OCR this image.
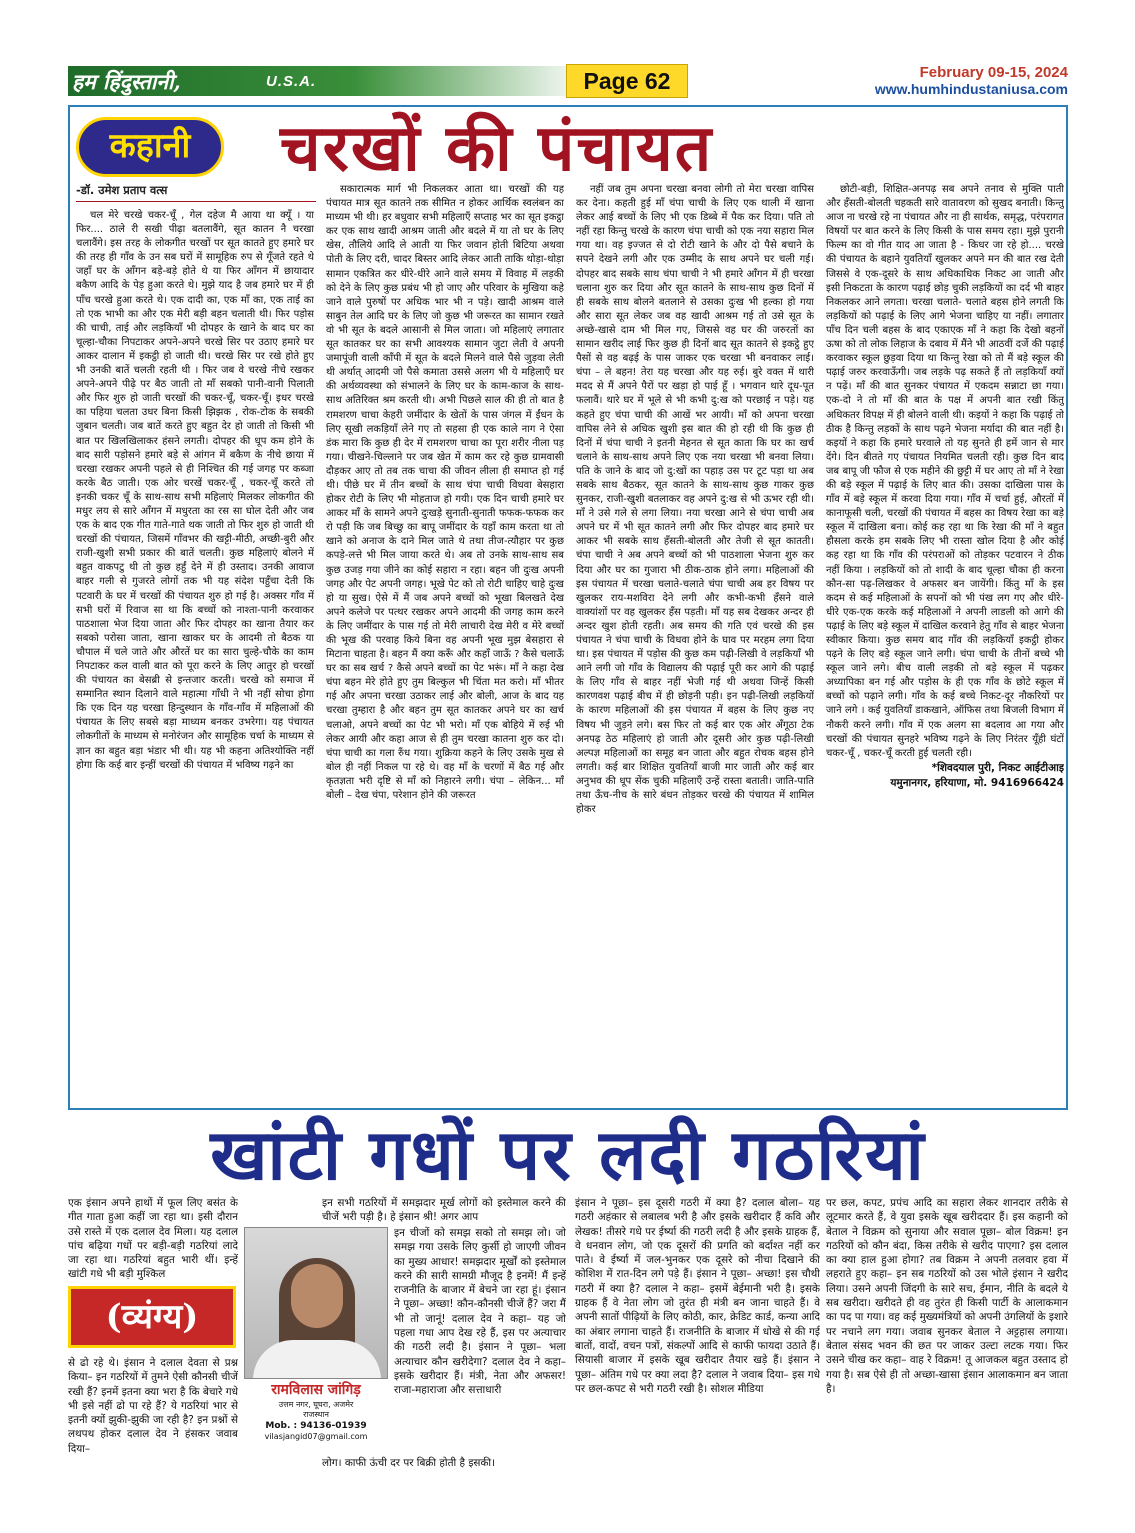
हम हिंदुस्तानी,	U.S.A.	Page 62	February 09-15, 2024
www.humhindustaniusa.com
कहानी	चरखों की पंचायत
-डॉ. उमेश प्रताप वत्स

चल मेरे चरखे चकर-चूँ , गेल दहेज मै आया था क्यूँ । या फिर.... ठाले री सखी पीढ़ा बतलावैंगे, सूत कातन नै चरखा चलावैंगे। इस तरह के लोकगीत चरखों पर सूत कातते हुए हमारे घर की तरह ही गाँव के उन सब घरों में सामूहिक रुप से गूँजते रहते थे जहाँ घर के आँगन बड़े-बड़े होते थे या फिर आँगन में छायादार बकैण आदि के पेड़ हुआ करते थे। मुझे याद है जब हमारे घर में ही पाँच चरखे हुआ करते थे। एक दादी का, एक माँ का, एक ताई का तो एक भाभी का और एक मेरी बड़ी बहन चलाती थी। फिर पड़ोस की चाची, ताई और लड़कियाँ भी दोपहर के खाने के बाद घर का चूल्हा-चौका निपटाकर अपने-अपने चरखे सिर पर उठाए हमारे घर आकर दालान में इकट्ठी हो जाती थी। चरखे सिर पर रखे होते हुए भी उनकी बातें चलती रहती थी । फिर जब वे चरखे नीचे रखकर अपने-अपने पीढ़े पर बैठ जाती तो माँ सबको पानी-वानी पिलाती और फिर शुरु हो जाती चरखों की चकर-चूँ, चकर-चूँ। इधर चरखे का पहिया चलता उधर बिना किसी झिझक , रोक-टोक के सबकी जुबान चलती। जब बातें करते हुए बहुत देर हो जाती तो किसी भी बात पर खिलखिलाकर हंसने लगती। दोपहर की धूप कम होने के बाद सारी पड़ोसने हमारे बड़े से आंगन में बकैण के नीचे छाया में चरखा रखकर अपनी पहले से ही निश्चित की गई जगह पर कब्जा करके बैठ जाती। एक ओर चरखें चकर-चूँ , चकर-चूँ करते तो इनकी चकर चूँ के साथ-साथ सभी महिलाएं मिलकर लोकगीत की मधुर लय से सारे आँगन में मधुरता का रस सा घोल देती और जब एक के बाद एक गीत गाते-गाते थक जाती तो फिर शुरु हो जाती थी चरखों की पंचायत, जिसमें गाँवभर की खट्टी-मीठी, अच्छी-बुरी और राजी-खुशी सभी प्रकार की बातें चलती। कुछ महिलाएं बोलने में बहुत वाकपटु थी तो कुछ हर्हुं देने में ही उस्ताद। उनकी आवाज बाहर गली से गुजरते लोगों तक भी यह संदेश पहुँचा देती कि पटवारी के घर में चरखों की पंचायत शुरु हो गई है। अक्सर गाँव में सभी घरों में रिवाज सा था कि बच्चों को नाश्ता-पानी करवाकर पाठशाला भेज दिया जाता और फिर दोपहर का खाना तैयार कर सबको परोसा जाता, खाना खाकर घर के आदमी तो बैठक या चौपाल में चले जाते और औरतें घर का सारा चुल्हे-चौके का काम निपटाकर कल वाली बात को पूरा करने के लिए आतुर हो चरखों की पंचायत का बेसब्री से इन्तजार करती। चरखे को समाज में सम्मानित स्थान दिलाने वाले महात्मा गाँधी ने भी नहीं सोचा होगा कि एक दिन यह चरखा हिन्दुस्थान के गाँव-गाँव में महिलाओं की पंचायत के लिए सबसे बड़ा माध्यम बनकर उभरेगा। यह पंचायत लोकगीतों के माध्यम से मनोरंजन और सामूहिक चर्चा के माध्यम से ज्ञान का बहुत बड़ा भंडार भी थी। यह भी कहना अतिश्योक्ति नहीं होगा कि कई बार इन्हीं चरखों की पंचायत में भविष्य गढ़ने का

सकारात्मक मार्ग भी निकलकर आता था। चरखों की यह पंचायत मात्र सूत कातने तक सीमित न होकर आर्थिक स्वलंबन का माध्यम भी थी। हर बधुवार सभी महिलाएँ सप्ताह भर का सूत इकट्ठा कर एक साथ खादी आश्रम जाती और बदले में या तो घर के लिए खेस, तौलिये आदि ले आती या फिर जवान होती बिटिया अथवा पोती के लिए दरी, चादर बिस्तर आदि लेकर आती ताकि थोड़ा-थोड़ा सामान एकत्रित कर धीरे-धीरे आने वाले समय में विवाह में लड़की को देने के लिए कुछ प्रबंध भी हो जाए और परिवार के मुखिया कहे जाने वाले पुरुषों पर अधिक भार भी न पड़े। खादी आश्रम वाले साबुन तेल आदि घर के लिए जो कुछ भी जरूरत का सामान रखते वो भी सूत के बदले आसानी से मिल जाता। जो महिलाएं लगातार सूत कातकर घर का सभी आवश्यक सामान जुटा लेती वे अपनी जमापूंजी वाली काँपी में सूत के बदले मिलने वाले पैसे जुड़वा लेती थी अर्थात् आदमी जो पैसे कमाता उससे अलग भी ये महिलाएँ घर की अर्थव्यवस्था को संभालने के लिए घर के काम-काज के साथ-साथ अतिरिक्त श्रम करती थी। अभी पिछले साल की ही तो बात है रामशरण चाचा केहरी जमींदार के खेतों के पास जंगल में ईंधन के लिए सूखी लकड़ियाँ लेने गए तो सहसा ही एक काले नाग ने ऐसा डंक मारा कि कुछ ही देर में रामशरण चाचा का पूरा शरीर नीला पड़ गया। चीखने-चिल्लाने पर जब खेत में काम कर रहे कुछ ग्रामवासी दौड़कर आए तो तब तक चाचा की जीवन लीला ही समाप्त हो गई थी। पीछे घर में तीन बच्चों के साथ चंपा चाची विधवा बेसहारा होकर रोटी के लिए भी मोहताज हो गयी। एक दिन चाची हमारे घर आकर माँ के सामने अपने दुःखड़े सुनाती-सुनाती फफक-फफक कर रो पड़ी कि जब बिच्छु का बापू जमींदार के यहाँ काम करता था तो खाने को अनाज के दाने मिल जाते थे तथा तीज-त्यौहार पर कुछ कपड़े-लत्ते भी मिल जाया करते थे। अब तो उनके साथ-साथ सब कुछ उजड़ गया जीने का कोई सहारा न रहा। बहन जी दुःख अपनी जगह और पेट अपनी जगह। भूखे पेट को तो रोटी चाहिए चाहे दुःख हो या सुख। ऐसे में मैं जब अपने बच्चों को भूखा बिलखते देख अपने कलेजे पर पत्थर रखकर अपने आदमी की जगह काम करने के लिए जमींदार के पास गई तो मेरी लाचारी देख मेरी व मेरे बच्चों की भूख की परवाह किये बिना वह अपनी भूख मुझ बेसहारा से मिटाना चाहता है। बहन मैं क्या करूँ और कहाँ जाऊँ ? कैसे चलाऊँ घर का सब खर्च ? कैसे अपने बच्चों का पेट भरूं। माँ ने कहा देख चंपा बहन मेरे होते हुए तुम बिल्कुल भी चिंता मत करो। माँ भीतर गई और अपना चरखा उठाकर लाई और बोली, आज के बाद यह चरखा तुम्हारा है और बहन तुम सूत कातकर अपने घर का खर्च चलाओ, अपने बच्चों का पेट भी भरो। माँ एक बोहिये में रुई भी लेकर आयी और कहा आज से ही तुम चरखा कातना शुरु कर दो। चंपा चाची का गला रुँध गया। शुक्रिया कहने के लिए उसके मुख से बोल ही नहीं निकल पा रहे थे। वह माँ के चरणों में बैठ गई और कृतज्ञता भरी दृष्टि से माँ को निहारने लगी। चंपा – लेकिन... माँ बोली – देख चंपा, परेशान होने की जरूरत

नहीं जब तुम अपना चरखा बनवा लोगी तो मेरा चरखा वापिस कर देना। कहती हुई माँ चंपा चाची के लिए एक थाली में खाना लेकर आई बच्चों के लिए भी एक डिब्बे में पैक कर दिया। पति तो नहीं रहा किन्तु चरखे के कारण चंपा चाची को एक नया सहारा मिल गया था। वह इज्जत से दो रोटी खाने के और दो पैसे बचाने के सपने देखने लगी और एक उम्मीद के साथ अपने घर चली गई। दोपहर बाद सबके साथ चंपा चाची ने भी हमारे आँगन में ही चरखा चलाना शुरु कर दिया और सूत कातने के साथ-साथ कुछ दिनों में ही सबके साथ बोलने बतलाने से उसका दुःख भी हल्का हो गया और सारा सूत लेकर जब वह खादी आश्रम गई तो उसे सूत के अच्छे-खासे दाम भी मिल गए, जिससे वह घर की जरुरतों का सामान खरीद लाई फिर कुछ ही दिनों बाद सूत कातने से इकट्ठे हुए पैसों से वह बढ़ई के पास जाकर एक चरखा भी बनवाकर लाई। चंपा – ले बहन! तेरा यह चरखा और यह रुई। बुरे वक्त में थारी मदद से मैं अपने पैरों पर खड़ा हो पाई हूँ । भगवान थारे दूध-पूत फलावैं। थारे घर में भूले से भी कभी दु:ख को परछाई न पड़े। यह कहते हुए चंपा चाची की आखें भर आयी। माँ को अपना चरखा वापिस लेने से अधिक खुशी इस बात की हो रही थी कि कुछ ही दिनों में चंपा चाची ने इतनी मेहनत से सूत काता कि घर का खर्च चलाने के साथ-साथ अपने लिए एक नया चरखा भी बनवा लिया। पति के जाने के बाद जो दु:खों का पहाड़ उस पर टूट पड़ा था अब सबके साथ बैठकर, सूत कातने के साथ-साथ कुछ गाकर कुछ सुनकर, राजी-खुशी बतलाकर वह अपने दु:ख से भी ऊभर रही थी। माँ ने उसे गले से लगा लिया। नया चरखा आने से चंपा चाची अब अपने घर में भी सूत कातने लगी और फिर दोपहर बाद हमारे घर आकर भी सबके साथ हँसती-बोलती और तेजी से सूत कातती। चंपा चाची ने अब अपने बच्चों को भी पाठशाला भेजना शुरु कर दिया और घर का गुजारा भी ठीक-ठाक होने लगा। महिलाओं की इस पंचायत में चरखा चलाते-चलाते चंपा चाची अब हर विषय पर खुलकर राय-मशविरा देने लगी और कभी-कभी हँसने वाले वाक्यांशों पर वह खुलकर हँस पड़ती। माँ यह सब देखकर अन्दर ही अन्दर खुश होती रहती। अब समय की गति एवं चरखे की इस पंचायत ने चंपा चाची के विधवा होने के घाव पर मरहम लगा दिया था। इस पंचायत में पड़ोस की कुछ कम पढ़ी-लिखी वे लड़कियाँ भी आने लगी जो गाँव के विद्यालय की पढ़ाई पूरी कर आगे की पढ़ाई के लिए गाँव से बाहर नहीं भेजी गई थी अथवा जिन्हें किसी कारणवश पढ़ाई बीच में ही छोड़नी पड़ी। इन पढ़ी-लिखी लड़कियों के कारण महिलाओं की इस पंचायत में बहस के लिए कुछ नए विषय भी जुड़ने लगे। बस फिर तो कई बार एक ओर अँगूठा टेक अनपढ़ ठेठ महिलाएं हो जाती और दूसरी ओर कुछ पढ़ी-लिखी अल्पज्ञ महिलाओं का समूह बन जाता और बहुत रोचक बहस होने लगती। कई बार शिक्षित युवतियाँ बाजी मार जाती और कई बार अनुभव की धूप सेंक चुकी महिलाएँ उन्हें रास्ता बताती। जाति-पाति तथा ऊँच-नीच के सारे बंधन तोड़कर चरखे की पंचायत में शामिल होकर

छोटी-बड़ी, शिक्षित-अनपढ़ सब अपने तनाव से मुक्ति पाती और हँसती-बोलती चहकती सारे वातावरण को सुखद बनाती। किन्तु आज ना चरखे रहे ना पंचायत और ना ही सार्थक, समृद्ध, परंपरागत विषयों पर बात करने के लिए किसी के पास समय रहा। मुझे पुरानी फिल्म का वो गीत याद आ जाता है - किधर जा रहे हो.... चरखे की पंचायत के बहाने युवतियाँ खुलकर अपने मन की बात रख देती जिससे वे एक-दूसरे के साथ अधिकाधिक निकट आ जाती और इसी निकटता के कारण पढ़ाई छोड़ चुकी लड़कियों का दर्द भी बाहर निकलकर आने लगता। चरखा चलाते- चलाते बहस होने लगती कि लड़कियों को पढ़ाई के लिए आगे भेजना चाहिए या नहीं। लगातार पाँच दिन चली बहस के बाद एकाएक माँ ने कहा कि देखो बहनों ऊषा को तो लोक लिहाज के दबाव में मैंने भी आठवीं दर्जे की पढ़ाई करवाकर स्कूल छुड़वा दिया था किन्तु रेखा को तो मैं बड़े स्कूल की पढ़ाई जरुर करवाऊँगी। जब लड़के पढ़ सकते हैं तो लड़कियाँ क्यों न पढ़ें। माँ की बात सुनकर पंचायत में एकदम सन्नाटा छा गया। एक-दो ने तो माँ की बात के पक्ष में अपनी बात रखी किंतु अधिकतर विपक्ष में ही बोलने वाली थी। कइयों ने कहा कि पढ़ाई तो ठीक है किन्तु लड़कों के साथ पढ़ने भेजना मर्यादा की बात नहीं है। कइयों ने कहा कि हमारे घरवाले तो यह सुनते ही हमें जान से मार देंगे। दिन बीतते गए पंचायत नियमित चलती रही। कुछ दिन बाद जब बापू जी फौज से एक महीने की छुट्टी में घर आए तो माँ ने रेखा की बड़े स्कूल में पढ़ाई के लिए बात की। उसका दाखिला पास के गाँव में बड़े स्कूल में करवा दिया गया। गाँव में चर्चा हुई, औरतों में कानाफूसी चली, चरखों की पंचायत में बहस का विषय रेखा का बड़े स्कूल में दाखिला बना। कोई कह रहा था कि रेखा की माँ ने बहुत हौसला करके हम सबके लिए भी रास्ता खोल दिया है और कोई कह रहा था कि गाँव की परंपराओं को तोड़कर पटवारन ने ठीक नहीं किया । लड़कियों को तो शादी के बाद चूल्हा चौका ही करना कौन-सा पढ़-लिखकर वे अफसर बन जायेंगी। किंतु माँ के इस कदम से कई महिलाओं के सपनों को भी पंख लग गए और धीरे-धीरे एक-एक करके कई महिलाओं ने अपनी लाडली को आगे की पढ़ाई के लिए बड़े स्कूल में दाखिल करवाने हेतु गाँव से बाहर भेजना स्वीकार किया। कुछ समय बाद गाँव की लड़कियाँ इकट्ठी होकर पढ़ने के लिए बड़े स्कूल जाने लगी। चंपा चाची के तीनों बच्चे भी स्कूल जाने लगे। बीच वाली लड़की तो बड़े स्कूल में पढ़कर अध्यापिका बन गई और पड़ोस के ही एक गाँव के छोटे स्कूल में बच्चों को पढ़ाने लगी। गाँव के कई बच्चे निकट-दूर नौकरियों पर जाने लगे । कई युवतियाँ डाकखाने, ऑफिस तथा बिजली विभाग में नौकरी करने लगी। गाँव में एक अलग सा बदलाव आ गया और चरखों की पंचायत सुनहरे भविष्य गढ़ने के लिए निरंतर यूँही घंटों चकर-चूँ , चकर-चूँ करती हुई चलती रही।

*शिवदयाल पुरी, निकट आईटीआइ
यमुनानगर, हरियाणा, मो. 9416966424
खांटी गधों पर लदी गठरियां
एक इंसान अपने हाथों में फूल लिए बसंत के गीत गाता हुआ कहीं जा रहा था। इसी दौरान उसे रास्ते में एक दलाल देव मिला। यह दलाल पांच बढ़िया गधों पर बड़ी-बड़ी गठरियां लादे जा रहा था। गठरियां बहुत भारी थीं। इन्हें खांटी गधे भी बड़ी मुश्किल
(व्यंग्य)
से ढो रहे थे। इंसान ने दलाल देवता से प्रश्न किया– इन गठरियों में तुमने ऐसी कौनसी चीजें रखी हैं? इनमें इतना क्या भरा है कि बेचारे गधे भी इसे नहीं ढो पा रहे हैं? ये गठरियां भार से इतनी क्यों झुकी-झुकी जा रही है? इन प्रश्नों से लथपथ होकर दलाल देव ने हंसकर जवाब दिया–
रामविलास जांगिड़
उत्तम नगर, घूघरा, अजमेर
राजस्थान
Mob. : 94136-01939
vilasjangid07@gmail.com
इन सभी गठरियों में समझदार मूर्ख लोगों को इस्तेमाल करने की चीजें भरी पड़ी है। हे इंसान श्री! अगर आप
इन चीजों को समझ सको तो समझ लो। जो समझ गया उसके लिए कुर्सी हो जाएगी जीवन का मुख्य आधार! समझदार मूर्खों को इस्तेमाल करने की सारी सामग्री मौजूद है इनमें! मैं इन्हें राजनीति के बाजार में बेचने जा रहा हूं। इंसान ने पूछा– अच्छा! कौन-कौनसी चीजें हैं? जरा मैं भी तो जानूं! दलाल देव ने कहा– यह जो पहला गधा आप देख रहे हैं, इस पर अत्याचार की गठरी लदी है। इंसान ने पूछा– भला अत्याचार कौन खरीदेगा? दलाल देव ने कहा– इसके खरीदार हैं। मंत्री, नेता और अफसर! राजा-महाराजा और सत्ताधारी
लोग। काफी ऊंची दर पर बिक्री होती है इसकी।
इंसान ने पूछा– इस दूसरी गठरी में क्या है? दलाल बोला– यह गठरी अहंकार से लबालब भरी है और इसके खरीदार हैं कवि और लेखक! तीसरे गधे पर ईर्ष्या की गठरी लदी है और इसके ग्राहक हैं, वे धनवान लोग, जो एक दूसरों की प्रगति को बर्दाश्त नहीं कर पाते। वे ईर्ष्या में जल-भुनकर एक दूसरे को नीचा दिखाने की कोशिश में रात-दिन लगे पड़े हैं। इंसान ने पूछा– अच्छा! इस चौथी गठरी में क्या है? दलाल ने कहा– इसमें बेईमानी भरी है। इसके ग्राहक हैं वे नेता लोग जो तुरंत ही मंत्री बन जाना चाहते हैं। वे अपनी सातों पीढ़ियों के लिए कोठी, कार, क्रेडिट कार्ड, कन्या आदि का अंबार लगाना चाहते हैं। राजनीति के बाजार में धोखे से की गई बातों, वादों, वचन पत्रों, संकल्पों आदि से काफी फायदा उठाते हैं। सियासी बाजार में इसके खूब खरीदार तैयार खड़े हैं। इंसान ने पूछा– अंतिम गधे पर क्या लदा है? दलाल ने जवाब दिया– इस गधे पर छल-कपट से भरी गठरी रखी है। सोशल मीडिया
पर छल, कपट, प्रपंच आदि का सहारा लेकर शानदार तरीके से लूटमार करते हैं, वे युवा इसके खूब खरीददार हैं। इस कहानी को बेताल ने विक्रम को सुनाया और सवाल पूछा– बोल विक्रम! इन गठरियों को कौन बंदा, किस तरीके से खरीद पाएगा? इस दलाल का क्या हाल हुआ होगा? तब विक्रम ने अपनी तलवार हवा में लहराते हुए कहा– इन सब गठरियों को उस भोले इंसान ने खरीद लिया। उसने अपनी जिंदगी के सारे सच, ईमान, नीति के बदले ये सब खरीदा। खरीदते ही वह तुरंत ही किसी पार्टी के आलाकमान का पद पा गया। वह कई मुख्यमंत्रियों को अपनी उंगलियों के इशारे पर नचाने लग गया। जवाब सुनकर बेताल ने अट्टहास लगाया। बेताल संसद भवन की छत पर जाकर उल्टा लटक गया। फिर उसने चीख कर कहा– वाह रे विक्रम! तू आजकल बहुत उस्ताद हो गया है। सब ऐसे ही तो अच्छा-खासा इंसान आलाकमान बन जाता है।
